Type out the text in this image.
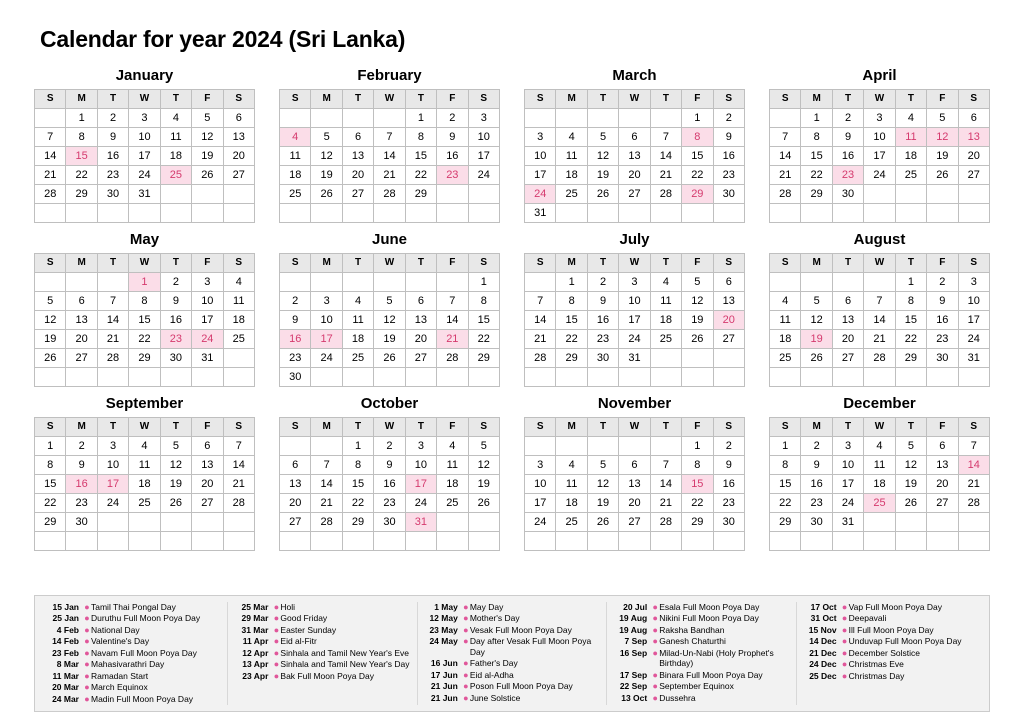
Calendar for year 2024 (Sri Lanka)
January
S	M	T	W	T	F	S
	1	2	3	4	5	6
7	8	9	10	11	12	13
14	15	16	17	18	19	20
21	22	23	24	25	26	27
28	29	30	31			

February
S	M	T	W	T	F	S
				1	2	3
4	5	6	7	8	9	10
11	12	13	14	15	16	17
18	19	20	21	22	23	24
25	26	27	28	29		

March
S	M	T	W	T	F	S
					1	2
3	4	5	6	7	8	9
10	11	12	13	14	15	16
17	18	19	20	21	22	23
24	25	26	27	28	29	30
31						
April
S	M	T	W	T	F	S
	1	2	3	4	5	6
7	8	9	10	11	12	13
14	15	16	17	18	19	20
21	22	23	24	25	26	27
28	29	30				

May
S	M	T	W	T	F	S
			1	2	3	4
5	6	7	8	9	10	11
12	13	14	15	16	17	18
19	20	21	22	23	24	25
26	27	28	29	30	31	

June
S	M	T	W	T	F	S
						1
2	3	4	5	6	7	8
9	10	11	12	13	14	15
16	17	18	19	20	21	22
23	24	25	26	27	28	29
30						
July
S	M	T	W	T	F	S
	1	2	3	4	5	6
7	8	9	10	11	12	13
14	15	16	17	18	19	20
21	22	23	24	25	26	27
28	29	30	31			

August
S	M	T	W	T	F	S
				1	2	3
4	5	6	7	8	9	10
11	12	13	14	15	16	17
18	19	20	21	22	23	24
25	26	27	28	29	30	31

September
S	M	T	W	T	F	S
1	2	3	4	5	6	7
8	9	10	11	12	13	14
15	16	17	18	19	20	21
22	23	24	25	26	27	28
29	30					

October
S	M	T	W	T	F	S
		1	2	3	4	5
6	7	8	9	10	11	12
13	14	15	16	17	18	19
20	21	22	23	24	25	26
27	28	29	30	31		

November
S	M	T	W	T	F	S
					1	2
3	4	5	6	7	8	9
10	11	12	13	14	15	16
17	18	19	20	21	22	23
24	25	26	27	28	29	30

December
S	M	T	W	T	F	S
1	2	3	4	5	6	7
8	9	10	11	12	13	14
15	16	17	18	19	20	21
22	23	24	25	26	27	28
29	30	31				

15 Jan ● Tamil Thai Pongal Day
25 Jan ● Duruthu Full Moon Poya Day
4 Feb ● National Day
14 Feb ● Valentine's Day
23 Feb ● Navam Full Moon Poya Day
8 Mar ● Mahasivarathri Day
11 Mar ● Ramadan Start
20 Mar ● March Equinox
24 Mar ● Madin Full Moon Poya Day
25 Mar ● Holi
29 Mar ● Good Friday
31 Mar ● Easter Sunday
11 Apr ● Eid al-Fitr
12 Apr ● Sinhala and Tamil New Year's Eve
13 Apr ● Sinhala and Tamil New Year's Day
23 Apr ● Bak Full Moon Poya Day
1 May ● May Day
12 May ● Mother's Day
23 May ● Vesak Full Moon Poya Day
24 May ● Day after Vesak Full Moon Poya Day
16 Jun ● Father's Day
17 Jun ● Eid al-Adha
21 Jun ● Poson Full Moon Poya Day
21 Jun ● June Solstice
20 Jul ● Esala Full Moon Poya Day
19 Aug ● Nikini Full Moon Poya Day
19 Aug ● Raksha Bandhan
7 Sep ● Ganesh Chaturthi
16 Sep ● Milad-Un-Nabi (Holy Prophet's Birthday)
17 Sep ● Binara Full Moon Poya Day
22 Sep ● September Equinox
13 Oct ● Dussehra
17 Oct ● Vap Full Moon Poya Day
31 Oct ● Deepavali
15 Nov ● Ill Full Moon Poya Day
14 Dec ● Unduvap Full Moon Poya Day
21 Dec ● December Solstice
24 Dec ● Christmas Eve
25 Dec ● Christmas Day
